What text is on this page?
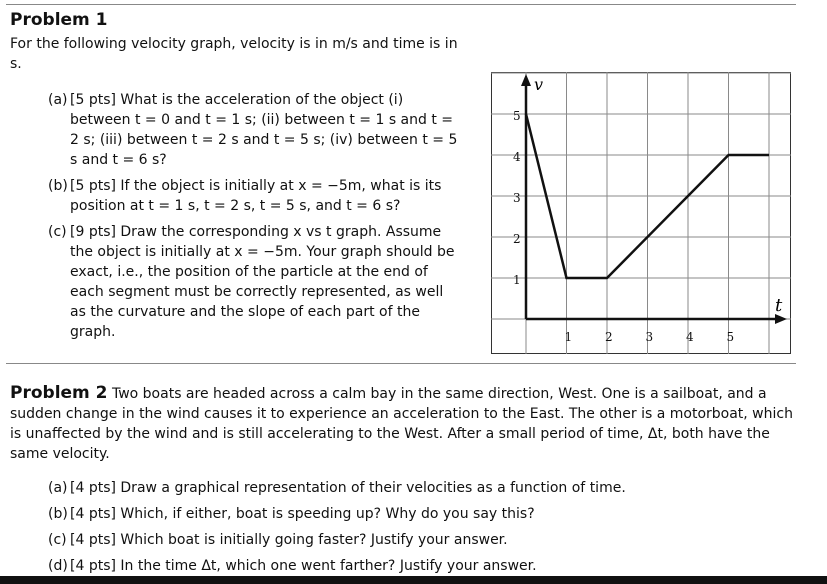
Problem 1
For the following velocity graph, velocity is in m/s and time is in s.
(a) [5 pts] What is the acceleration of the object (i) between t = 0 and t = 1 s; (ii) between t = 1 s and t = 2 s; (iii) between t = 2 s and t = 5 s; (iv) between t = 5 s and t = 6 s?
(b) [5 pts] If the object is initially at x = −5m, what is its position at t = 1 s, t = 2 s, t = 5 s, and t = 6 s?
(c) [9 pts] Draw the corresponding x vs t graph. Assume the object is initially at x = −5m. Your graph should be exact, i.e., the position of the particle at the end of each segment must be correctly represented, as well as the curvature and the slope of each part of the graph.
1
2
3
4
5
1	2	3	4	5
v
t
Problem 2 Two boats are headed across a calm bay in the same direction, West. One is a sailboat, and a sudden change in the wind causes it to experience an acceleration to the East. The other is a motorboat, which is unaffected by the wind and is still accelerating to the West. After a small period of time, Δt, both have the same velocity.
(a) [4 pts] Draw a graphical representation of their velocities as a function of time.
(b) [4 pts] Which, if either, boat is speeding up? Why do you say this?
(c) [4 pts] Which boat is initially going faster? Justify your answer.
(d) [4 pts] In the time Δt, which one went farther? Justify your answer.
